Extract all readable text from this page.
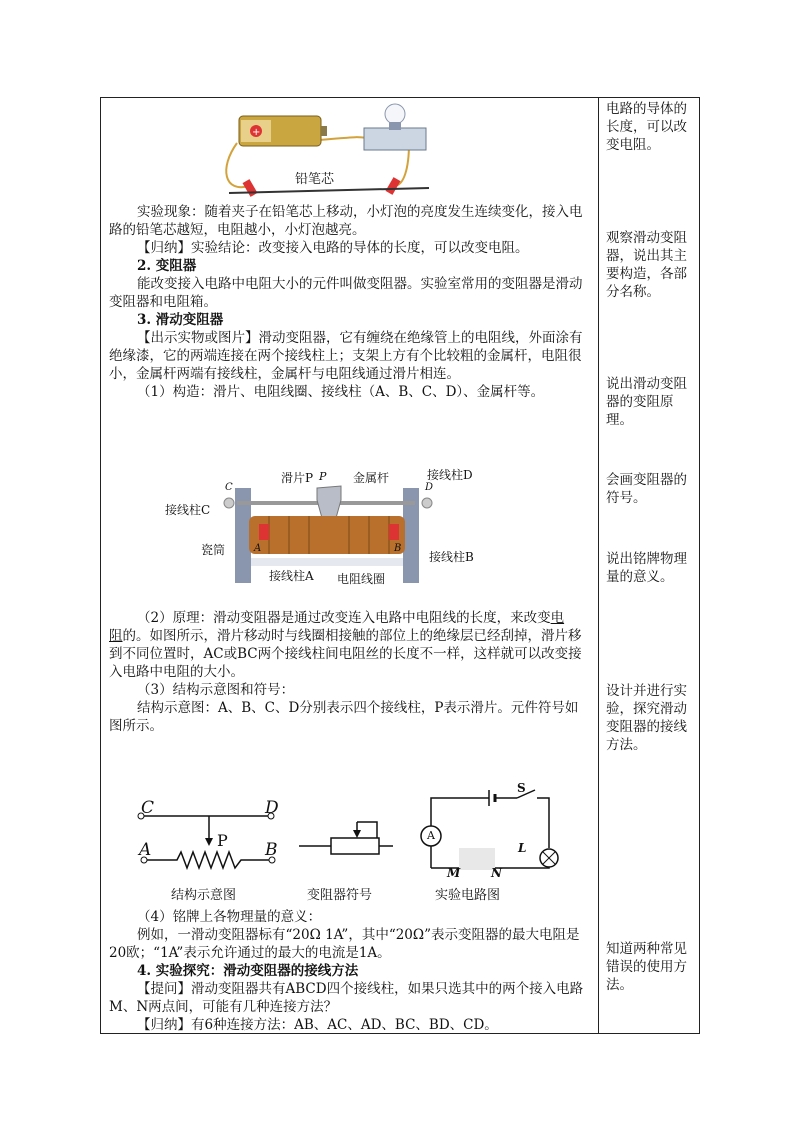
+
铅笔芯

实验现象：随着夹子在铅笔芯上移动，小灯泡的亮度发生连续变化，接入电路的铅笔芯越短，电阻越小，小灯泡越亮。

【归纳】实验结论：改变接入电路的导体的长度，可以改变电阻。

2. 变阻器

能改变接入电路中电阻大小的元件叫做变阻器。实验室常用的变阻器是滑动变阻器和电阻箱。

3. 滑动变阻器

【出示实物或图片】滑动变阻器，它有缠绕在绝缘管上的电阻线，外面涂有绝缘漆，它的两端连接在两个接线柱上；支架上方有个比较粗的金属杆，电阻很小，金属杆两端有接线柱，金属杆与电阻线通过滑片相连。

（1）构造：滑片、电阻线圈、接线柱（A、B、C、D）、金属杆等。

滑片P P 金属杆	接线柱D
C	D
接线柱C
瓷筒	A	B
接线柱B
接线柱A 电阻线圈

（2）原理：滑动变阻器是通过改变连入电路中电阻线的长度，来改变电
阻的。如图所示，滑片移动时与线圈相接触的部位上的绝缘层已经刮掉，滑片移到不同位置时，AC或BC两个接线柱间电阻丝的长度不一样，这样就可以改变接入电路中电阻的大小。

（3）结构示意图和符号：

结构示意图：A、B、C、D分别表示四个接线柱，P表示滑片。元件符号如图所示。

C	D
A	B
P
S
A
L
M	N
结构示意图	变阻器符号	实验电路图

（4）铭牌上各物理量的意义：

例如，一滑动变阻器标有“20Ω 1A”，其中“20Ω”表示变阻器的最大电阻是20欧；“1A”表示允许通过的最大的电流是1A。

4. 实验探究：滑动变阻器的接线方法

【提问】滑动变阻器共有ABCD四个接线柱，如果只选其中的两个接入电路M、N两点间，可能有几种连接方法？

【归纳】有6种连接方法：AB、AC、AD、BC、BD、CD。

电路的导体的长度，可以改变电阻。
观察滑动变阻器，说出其主要构造，各部分名称。
说出滑动变阻器的变阻原理。
会画变阻器的符号。
说出铭牌物理量的意义。
设计并进行实验，探究滑动变阻器的接线方法。
知道两种常见错误的使用方法。
